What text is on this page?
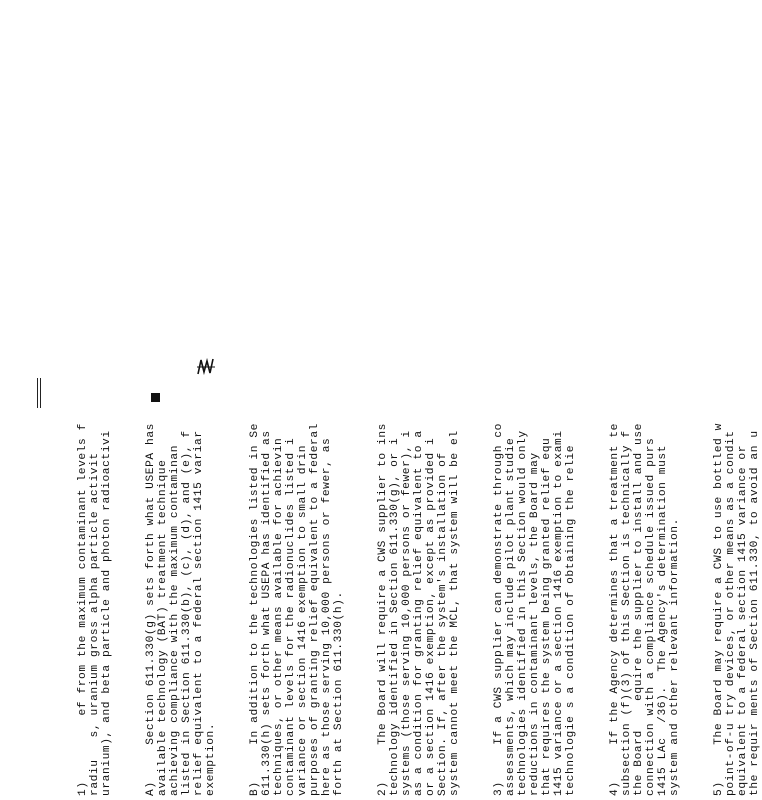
1)         ef from the maximum contaminant levels f radiu   s, uranium gross alpha particle activit uranium), and beta particle and photon radioactivi	A)     Section 611.330(g) sets forth what USEPA has available technology (BAT) treatment technique achieving compliance with the maximum contaminan listed in Section 611.330(b), (c), (d), and (e), f relief equivalent to a federal section 1415 variar exemption.	B)     In addition to the technologies listed in Se 611.330(h) sets forth what USEPA has identified as techniques, or other means available for achievin contaminant levels for the radionuclides listed i variance or section 1416 exemption to small drin purposes of granting relief equivalent to a federal here as those serving 10,000 persons or fewer, as forth at Section 611.330(h).	2)     The Board will require a CWS supplier to ins technology identified in Section 611.330(g), or i systems (those serving 10,000 persons or fewer), i as a condition for granting relief equivalent to a or a section 1416 exemption, except as provided i Section. If, after the system's installation of system cannot meet the MCL, that system will be el	3)     If a CWS supplier can demonstrate through co assessments, which may include pilot plant studie technologies identified in this Section would only reductions in contaminant levels, the Board may that requires the system being granted relief equ 1415 variance or a section 1416 exemption to exami technologie s a condition of obtaining the relie	4)     If the Agency determines that a treatment te subsection (f)(3) of this Section is technically f the Board    equire the supplier to install and use connection with a compliance schedule issued purs 1415 LAc  /36).  The Agency's determination must system and other relevant information.	5)     The Board may require a CWS to use bottled w point-of-u try devices, or other means as a condit equivalent to a federal section 1415 variance or the requir ments of Section 611.330, to avoid an u
